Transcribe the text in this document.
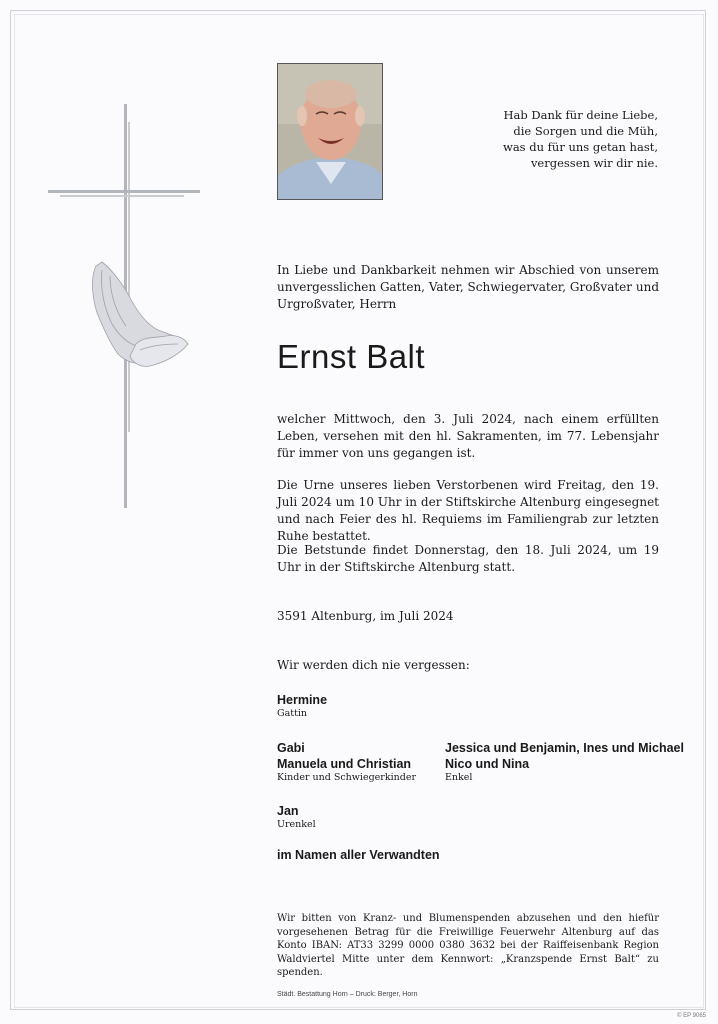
Hab Dank für deine Liebe,
die Sorgen und die Müh,
was du für uns getan hast,
vergessen wir dir nie.
In Liebe und Dankbarkeit nehmen wir Abschied von unserem unvergesslichen Gatten, Vater, Schwiegervater, Großvater und Urgroßvater, Herrn
Ernst Balt
welcher Mittwoch, den 3. Juli 2024, nach einem erfüllten Leben, versehen mit den hl. Sakramenten, im 77. Lebensjahr für immer von uns gegangen ist.
Die Urne unseres lieben Verstorbenen wird Freitag, den 19. Juli 2024 um 10 Uhr in der Stiftskirche Altenburg eingesegnet und nach Feier des hl. Requiems im Familiengrab zur letzten Ruhe bestattet.
Die Betstunde findet Donnerstag, den 18. Juli 2024, um 19 Uhr in der Stiftskirche Altenburg statt.
3591 Altenburg, im Juli 2024
Wir werden dich nie vergessen:
Hermine
Gattin
Gabi
Manuela und Christian
Kinder und Schwiegerkinder
Jessica und Benjamin, Ines und Michael
Nico und Nina
Enkel
Jan
Urenkel
im Namen aller Verwandten
Wir bitten von Kranz- und Blumenspenden abzusehen und den hiefür vorgesehenen Betrag für die Freiwillige Feuerwehr Altenburg auf das Konto IBAN: AT33 3299 0000 0380 3632 bei der Raiffeisenbank Region Waldviertel Mitte unter dem Kennwort: „Kranzspende Ernst Balt“ zu spenden.
Städt. Bestattung Horn – Druck: Berger, Horn
© EP 9065
